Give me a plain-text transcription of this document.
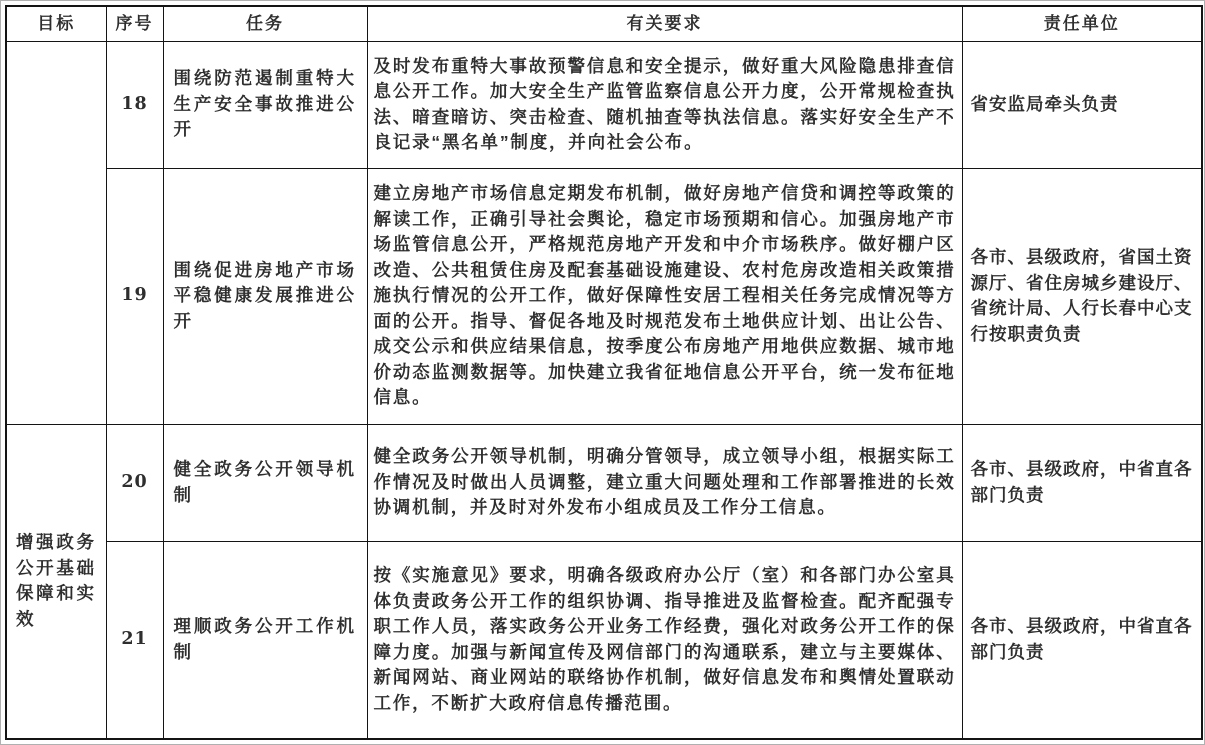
目标	序号	任务	有关要求	责任单位
	18	围绕防范遏制重特大生产安全事故推进公开	及时发布重特大事故预警信息和安全提示，做好重大风险隐患排查信息公开工作。加大安全生产监管监察信息公开力度，公开常规检查执法、暗查暗访、突击检查、随机抽查等执法信息。落实好安全生产不良记录“黑名单”制度，并向社会公布。	省安监局牵头负责
	19	围绕促进房地产市场平稳健康发展推进公开	建立房地产市场信息定期发布机制，做好房地产信贷和调控等政策的解读工作，正确引导社会舆论，稳定市场预期和信心。加强房地产市场监管信息公开，严格规范房地产开发和中介市场秩序。做好棚户区改造、公共租赁住房及配套基础设施建设、农村危房改造相关政策措施执行情况的公开工作，做好保障性安居工程相关任务完成情况等方面的公开。指导、督促各地及时规范发布土地供应计划、出让公告、成交公示和供应结果信息，按季度公布房地产用地供应数据、城市地价动态监测数据等。加快建立我省征地信息公开平台，统一发布征地信息。	各市、县级政府，省国土资源厅、省住房城乡建设厅、省统计局、人行长春中心支行按职责负责
增强政务公开基础保障和实效	20	健全政务公开领导机制	健全政务公开领导机制，明确分管领导，成立领导小组，根据实际工作情况及时做出人员调整，建立重大问题处理和工作部署推进的长效协调机制，并及时对外发布小组成员及工作分工信息。	各市、县级政府，中省直各部门负责
	21	理顺政务公开工作机制	按《实施意见》要求，明确各级政府办公厅（室）和各部门办公室具体负责政务公开工作的组织协调、指导推进及监督检查。配齐配强专职工作人员，落实政务公开业务工作经费，强化对政务公开工作的保障力度。加强与新闻宣传及网信部门的沟通联系，建立与主要媒体、新闻网站、商业网站的联络协作机制，做好信息发布和舆情处置联动工作，不断扩大政府信息传播范围。	各市、县级政府，中省直各部门负责
